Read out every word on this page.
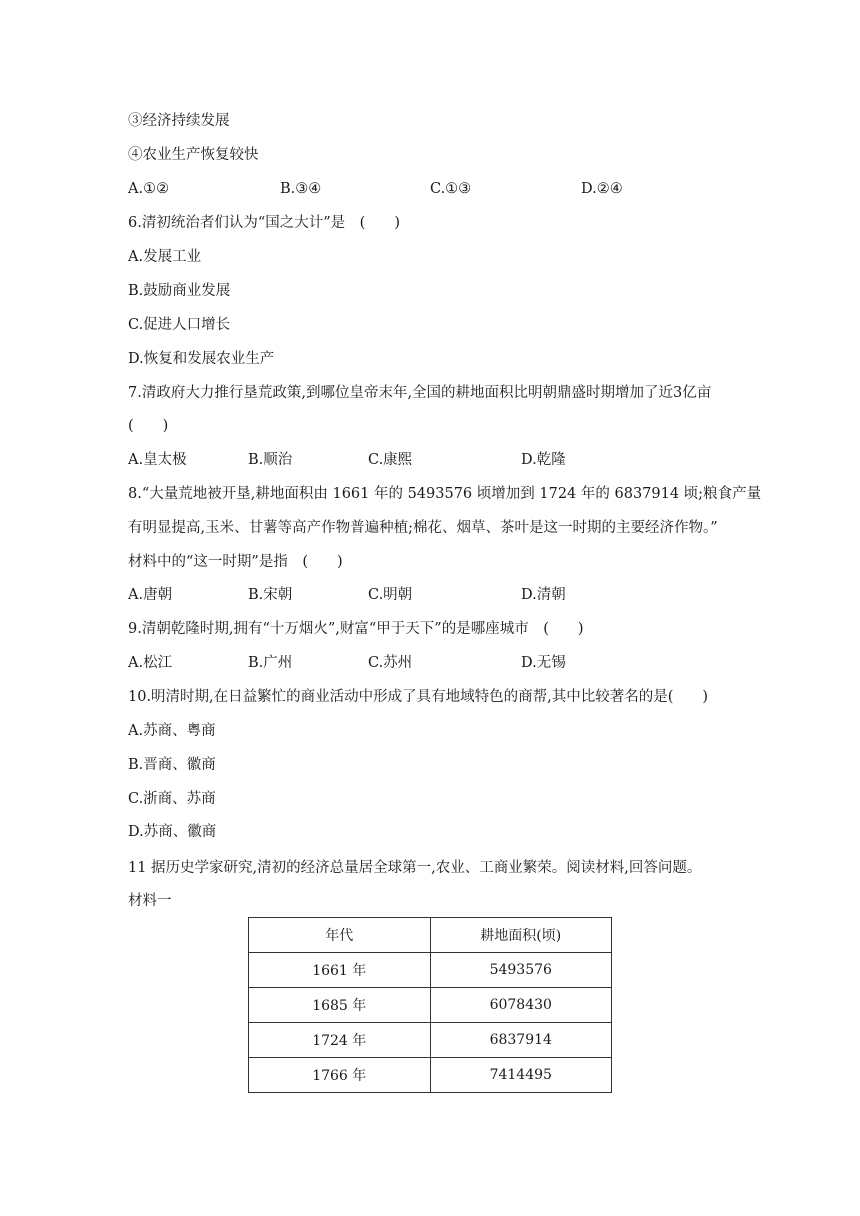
③经济持续发展
④农业生产恢复较快
A.①②	B.③④	C.①③	D.②④
6.清初统治者们认为“国之大计”是　(　　)
A.发展工业
B.鼓励商业发展
C.促进人口增长
D.恢复和发展农业生产
7.清政府大力推行垦荒政策,到哪位皇帝末年,全国的耕地面积比明朝鼎盛时期增加了近3亿亩
(　　)
A.皇太极	B.顺治	C.康熙	D.乾隆
8.“大量荒地被开垦,耕地面积由 1661 年的 5493576 顷增加到 1724 年的 6837914 顷;粮食产量
有明显提高,玉米、甘薯等高产作物普遍种植;棉花、烟草、茶叶是这一时期的主要经济作物。”
材料中的“这一时期”是指　(　　)
A.唐朝	B.宋朝	C.明朝	D.清朝
9.清朝乾隆时期,拥有“十万烟火”,财富“甲于天下”的是哪座城市　(　　)
A.松江	B.广州	C.苏州	D.无锡
10.明清时期,在日益繁忙的商业活动中形成了具有地域特色的商帮,其中比较著名的是(　　)
A.苏商、粤商
B.晋商、徽商
C.浙商、苏商
D.苏商、徽商
11 据历史学家研究,清初的经济总量居全球第一,农业、工商业繁荣。阅读材料,回答问题。
材料一
年代	耕地面积(顷)
1661 年	5493576
1685 年	6078430
1724 年	6837914
1766 年	7414495
